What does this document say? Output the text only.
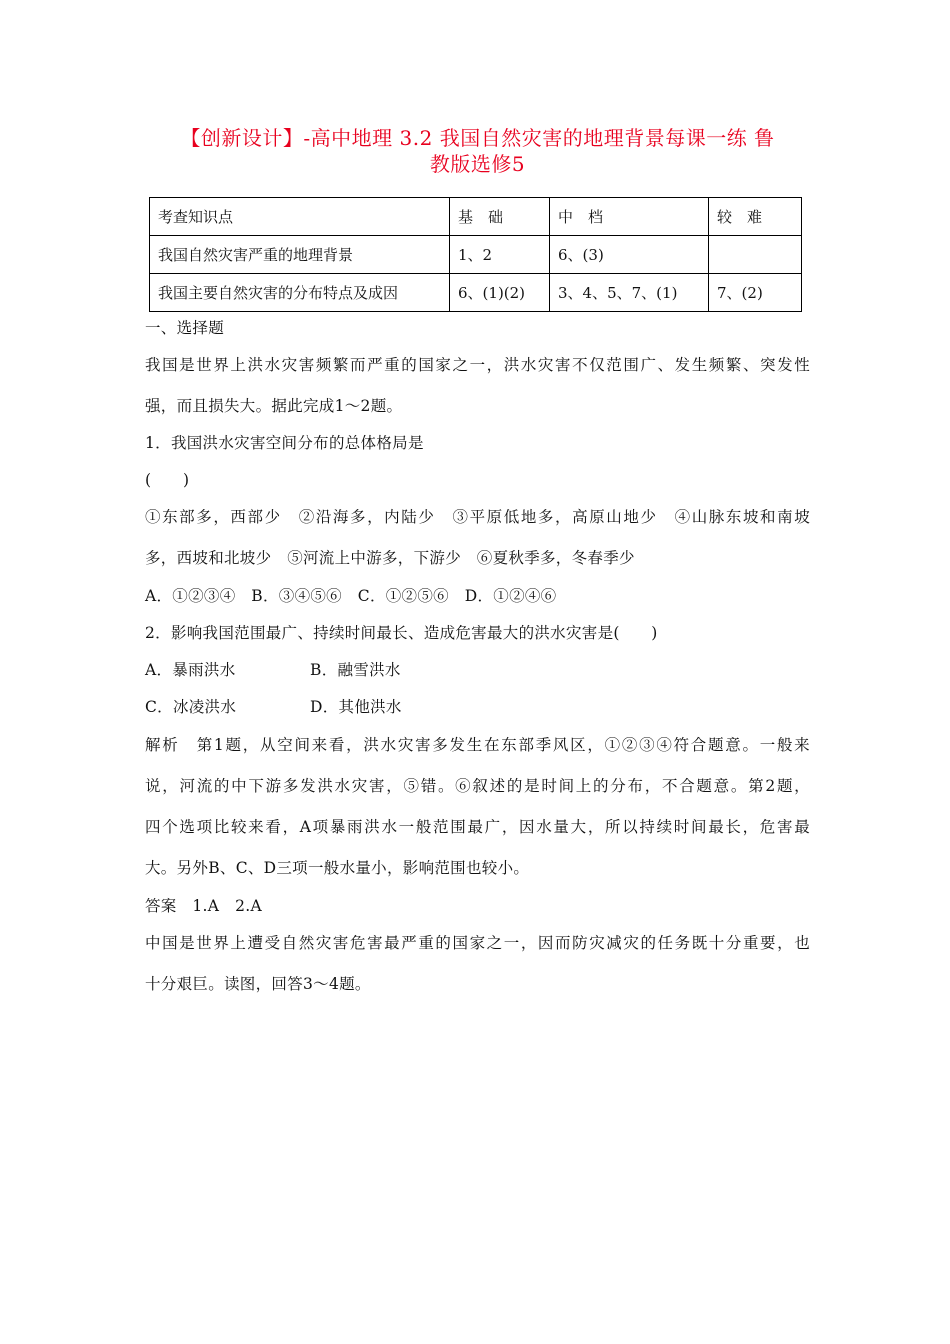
【创新设计】-高中地理 3.2 我国自然灾害的地理背景每课一练 鲁
教版选修5
考查知识点	基　础	中　档	较　难
我国自然灾害严重的地理背景	1、2	6、(3)	
我国主要自然灾害的分布特点及成因	6、(1)(2)	3、4、5、7、(1)	7、(2)
一、选择题
我国是世界上洪水灾害频繁而严重的国家之一，洪水灾害不仅范围广、发生频繁、突发性
强，而且损失大。据此完成1～2题。
1．我国洪水灾害空间分布的总体格局是
(　　)
①东部多，西部少　②沿海多，内陆少　③平原低地多，高原山地少　④山脉东坡和南坡
多，西坡和北坡少　⑤河流上中游多，下游少　⑥夏秋季多，冬春季少
A．①②③④　B．③④⑤⑥　C．①②⑤⑥　D．①②④⑥
2．影响我国范围最广、持续时间最长、造成危害最大的洪水灾害是(　　)
A．暴雨洪水	B．融雪洪水
C．冰凌洪水	D．其他洪水
解析　第1题，从空间来看，洪水灾害多发生在东部季风区，①②③④符合题意。一般来
说，河流的中下游多发洪水灾害，⑤错。⑥叙述的是时间上的分布，不合题意。第2题，
四个选项比较来看，A项暴雨洪水一般范围最广，因水量大，所以持续时间最长，危害最
大。另外B、C、D三项一般水量小，影响范围也较小。
答案　1.A　2.A
中国是世界上遭受自然灾害危害最严重的国家之一，因而防灾减灾的任务既十分重要，也
十分艰巨。读图，回答3～4题。
